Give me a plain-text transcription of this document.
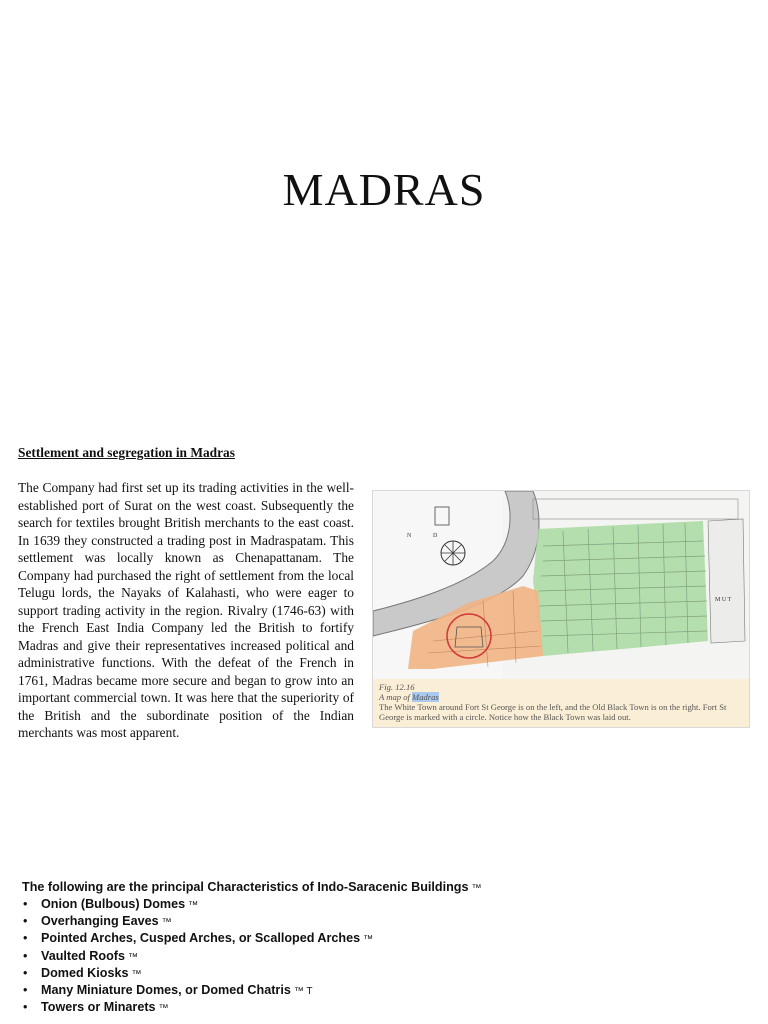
MADRAS
Settlement and segregation in Madras

The Company had first set up its trading activities in the well-established port of Surat on the west coast. Subsequently the search for textiles brought British merchants to the east coast. In 1639 they constructed a trading post in Madraspatam. This settlement was locally known as Chenapattanam. The Company had purchased the right of settlement from the local Telugu lords, the Nayaks of Kalahasti, who were eager to support trading activity in the region. Rivalry (1746-63) with the French East India Company led the British to fortify Madras and give their representatives increased political and administrative functions. With the defeat of the French in 1761, Madras became more secure and began to grow into an important commercial town. It was here that the superiority of the British and the subordinate position of the Indian merchants was most apparent.

N	D
M U T
Fig. 12.16
A map of Madras
The White Town around Fort St George is on the left, and the Old Black Town is on the right. Fort St George is marked with a circle. Notice how the Black Town was laid out.
The following are the principal Characteristics of Indo-Saracenic Buildings ™
• Onion (Bulbous) Domes ™
• Overhanging Eaves ™
• Pointed Arches, Cusped Arches, or Scalloped Arches ™
• Vaulted Roofs ™
• Domed Kiosks ™
• Many Miniature Domes, or Domed Chatris ™ T
• Towers or Minarets ™
